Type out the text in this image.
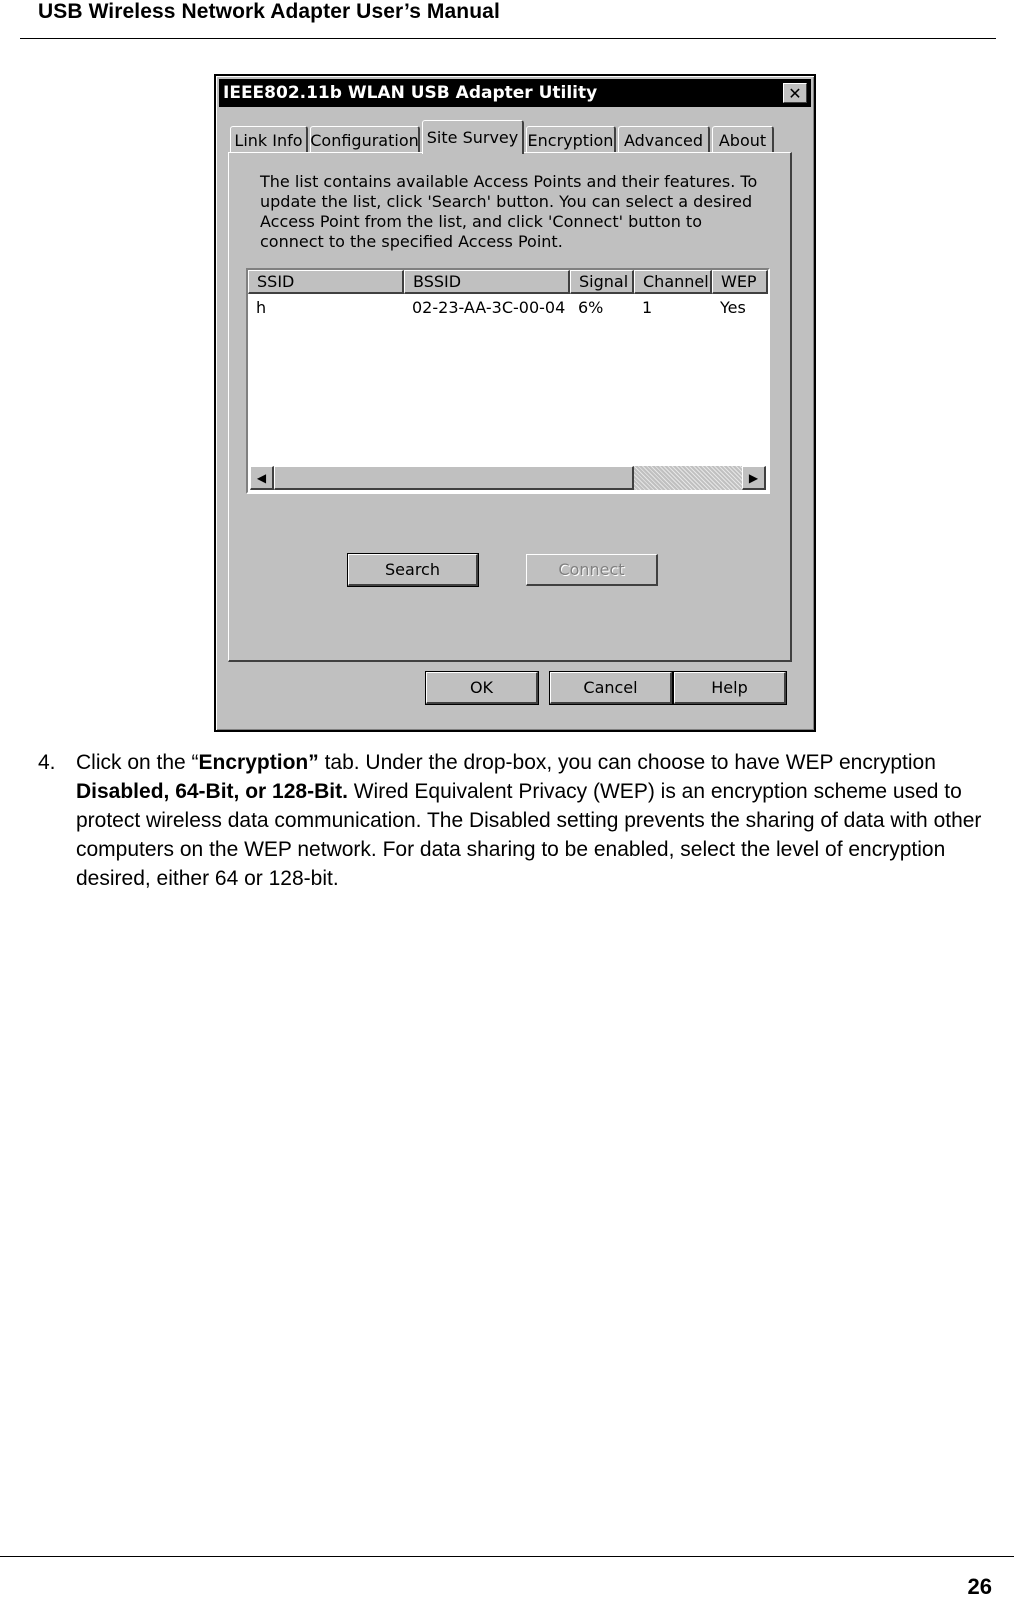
USB Wireless Network Adapter User’s Manual
IEEE802.11b WLAN USB Adapter Utility	✕
Link Info Configuration Site Survey Encryption Advanced About
The list contains available Access Points and their features. To update the list, click 'Search' button. You can select a desired Access Point from the list, and click 'Connect' button to connect to the specified Access Point.
SSID	BSSID	Signal Channel WEP
h	02-23-AA-3C-00-04 6% 1	Yes
◀	▶
Search	Connect
OK	Cancel	Help
4. Click on the “Encryption” tab. Under the drop-box, you can choose to have WEP encryption Disabled, 64-Bit, or 128-Bit. Wired Equivalent Privacy (WEP) is an encryption scheme used to protect wireless data communication. The Disabled setting prevents the sharing of data with other computers on the WEP network. For data sharing to be enabled, select the level of encryption desired, either 64 or 128-bit.
26
